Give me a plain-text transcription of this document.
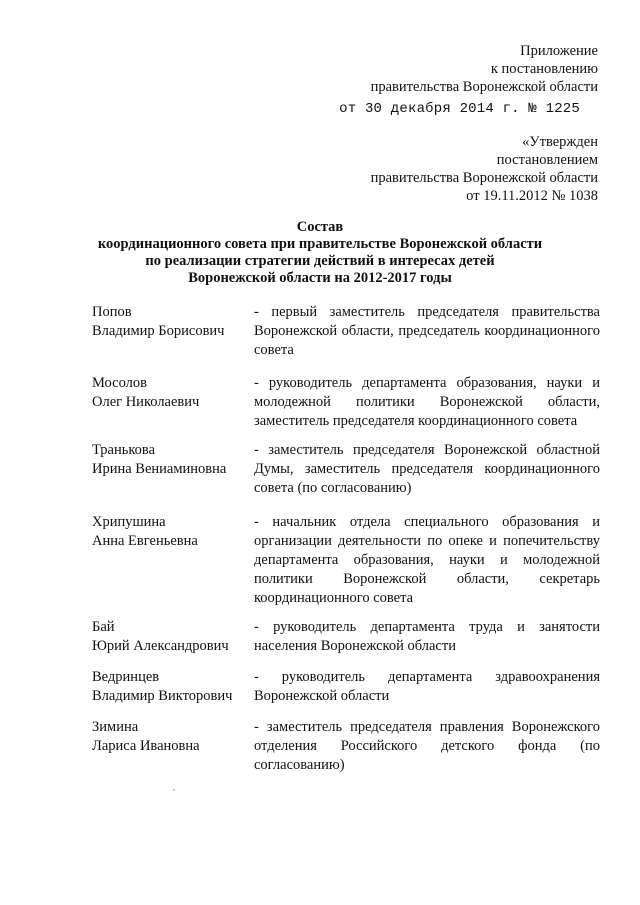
Приложение
к постановлению
правительства Воронежской области
от 30 декабря 2014 г. № 1225
«Утвержден
постановлением
правительства Воронежской области
от 19.11.2012 № 1038
Состав
координационного совета при правительстве Воронежской области
по реализации стратегии действий в интересах детей
Воронежской области на 2012-2017 годы
Попов
Владимир Борисович
- первый заместитель председателя правительства Воронежской области, председатель координационного совета
Мосолов
Олег Николаевич
- руководитель департамента образования, науки и молодежной политики Воронежской области, заместитель председателя координационного совета
Транькова
Ирина Вениаминовна
- заместитель председателя Воронежской областной Думы, заместитель председателя координационного совета (по согласованию)
Хрипушина
Анна Евгеньевна
- начальник отдела специального образования и организации деятельности по опеке и попечительству департамента образования, науки и молодежной политики Воронежской области, секретарь координационного совета
Бай
Юрий Александрович
- руководитель департамента труда и занятости населения Воронежской области
Ведринцев
Владимир Викторович
- руководитель департамента здравоохранения Воронежской области
Зимина
Лариса Ивановна
- заместитель председателя правления Воронежского отделения Российского детского фонда (по согласованию)
